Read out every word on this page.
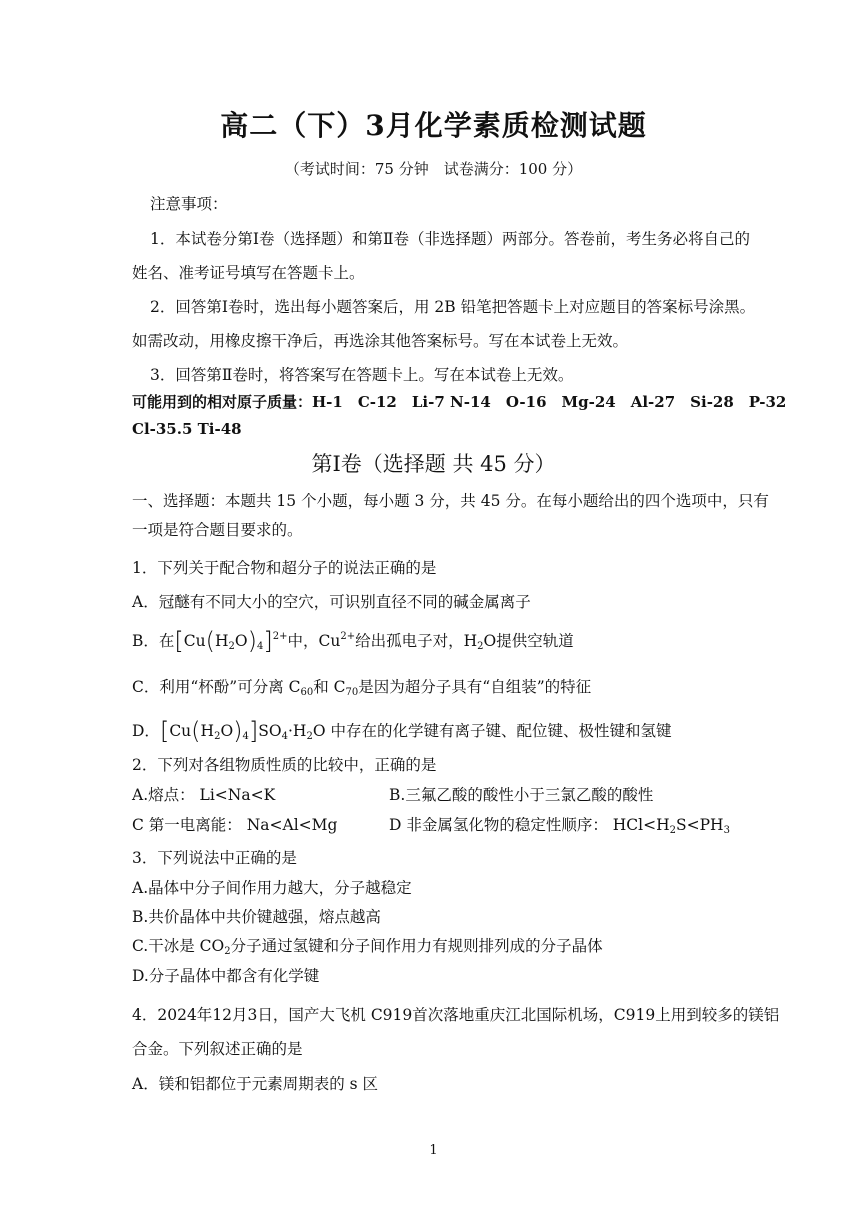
高二（下）3月化学素质检测试题
（考试时间：75 分钟　试卷满分：100 分）
注意事项：
1．本试卷分第Ⅰ卷（选择题）和第Ⅱ卷（非选择题）两部分。答卷前，考生务必将自己的
姓名、准考证号填写在答题卡上。
2．回答第Ⅰ卷时，选出每小题答案后，用 2B 铅笔把答题卡上对应题目的答案标号涂黑。
如需改动，用橡皮擦干净后，再选涂其他答案标号。写在本试卷上无效。
3．回答第Ⅱ卷时，将答案写在答题卡上。写在本试卷上无效。
可能用到的相对原子质量：H-1　C-12　Li-7 N-14　O-16　Mg-24　Al-27　Si-28　P-32
Cl-35.5 Ti-48
第Ⅰ卷（选择题 共 45 分）
一、选择题：本题共 15 个小题，每小题 3 分，共 45 分。在每小题给出的四个选项中，只有
一项是符合题目要求的。
1．下列关于配合物和超分子的说法正确的是
A．冠醚有不同大小的空穴，可识别直径不同的碱金属离子
B．在$[Cu(H_2O)_4]^{2+}$中，$Cu^{2+}$给出孤电子对，$H_2O$提供空轨道
C．利用“杯酚”可分离 $C_{60}$和 $C_{70}$是因为超分子具有“自组装”的特征
D．$[Cu(H_2O)_4]SO_4\cdot H_2O$ 中存在的化学键有离子键、配位键、极性键和氢键
2．下列对各组物质性质的比较中，正确的是
A.熔点： Li<Na<K	B.三氟乙酸的酸性小于三氯乙酸的酸性
C 第一电离能： Na<Al<Mg	D 非金属氢化物的稳定性顺序： $HCl<H_2S<PH_3$
3．下列说法中正确的是
A.晶体中分子间作用力越大，分子越稳定
B.共价晶体中共价键越强，熔点越高
C.干冰是 $CO_2$分子通过氢键和分子间作用力有规则排列成的分子晶体
D.分子晶体中都含有化学键
4．2024年12月3日，国产大飞机 C919首次落地重庆江北国际机场，C919上用到较多的镁铝
合金。下列叙述正确的是
A．镁和铝都位于元素周期表的 s 区
1
